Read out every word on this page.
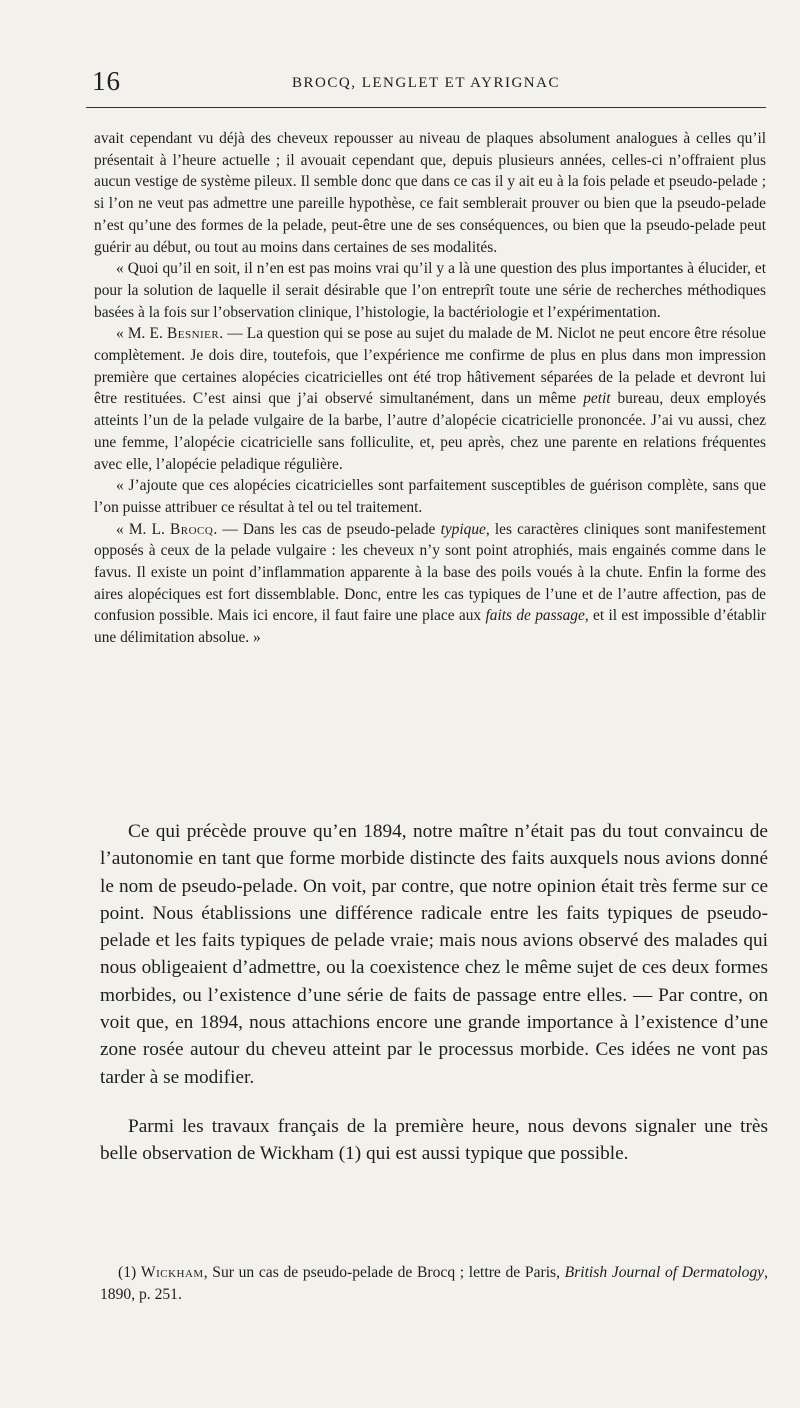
16	BROCQ, LENGLET ET AYRIGNAC

avait cependant vu déjà des cheveux repousser au niveau de plaques absolument analogues à celles qu’il présentait à l’heure actuelle ; il avouait cependant que, depuis plusieurs années, celles-ci n’offraient plus aucun vestige de système pileux. Il semble donc que dans ce cas il y ait eu à la fois pelade et pseudo-pelade ; si l’on ne veut pas admettre une pareille hypothèse, ce fait semblerait prouver ou bien que la pseudo-pelade n’est qu’une des formes de la pelade, peut-être une de ses conséquences, ou bien que la pseudo-pelade peut guérir au début, ou tout au moins dans certaines de ses modalités.

« Quoi qu’il en soit, il n’en est pas moins vrai qu’il y a là une question des plus importantes à élucider, et pour la solution de laquelle il serait désirable que l’on entreprît toute une série de recherches méthodiques basées à la fois sur l’observation clinique, l’histologie, la bactériologie et l’expérimentation.

« M. E. Besnier. — La question qui se pose au sujet du malade de M. Niclot ne peut encore être résolue complètement. Je dois dire, toutefois, que l’expérience me confirme de plus en plus dans mon impression première que certaines alopécies cicatricielles ont été trop hâtivement séparées de la pelade et devront lui être restituées. C’est ainsi que j’ai observé simultanément, dans un même petit bureau, deux employés atteints l’un de la pelade vulgaire de la barbe, l’autre d’alopécie cicatricielle prononcée. J’ai vu aussi, chez une femme, l’alopécie cicatricielle sans folliculite, et, peu après, chez une parente en relations fréquentes avec elle, l’alopécie peladique régulière.

« J’ajoute que ces alopécies cicatricielles sont parfaitement susceptibles de guérison complète, sans que l’on puisse attribuer ce résultat à tel ou tel traitement.

« M. L. Brocq. — Dans les cas de pseudo-pelade typique, les caractères cliniques sont manifestement opposés à ceux de la pelade vulgaire : les cheveux n’y sont point atrophiés, mais engainés comme dans le favus. Il existe un point d’inflammation apparente à la base des poils voués à la chute. Enfin la forme des aires alopéciques est fort dissemblable. Donc, entre les cas typiques de l’une et de l’autre affection, pas de confusion possible. Mais ici encore, il faut faire une place aux faits de passage, et il est impossible d’établir une délimitation absolue. »

Ce qui précède prouve qu’en 1894, notre maître n’était pas du tout convaincu de l’autonomie en tant que forme morbide distincte des faits auxquels nous avions donné le nom de pseudo-pelade. On voit, par contre, que notre opinion était très ferme sur ce point. Nous établissions une différence radicale entre les faits typiques de pseudo-pelade et les faits typiques de pelade vraie; mais nous avions observé des malades qui nous obligeaient d’admettre, ou la coexistence chez le même sujet de ces deux formes morbides, ou l’existence d’une série de faits de passage entre elles. — Par contre, on voit que, en 1894, nous attachions encore une grande importance à l’existence d’une zone rosée autour du cheveu atteint par le processus morbide. Ces idées ne vont pas tarder à se modifier.

Parmi les travaux français de la première heure, nous devons signaler une très belle observation de Wickham (1) qui est aussi typique que possible.

(1) Wickham, Sur un cas de pseudo-pelade de Brocq ; lettre de Paris, British Journal of Dermatology, 1890, p. 251.
